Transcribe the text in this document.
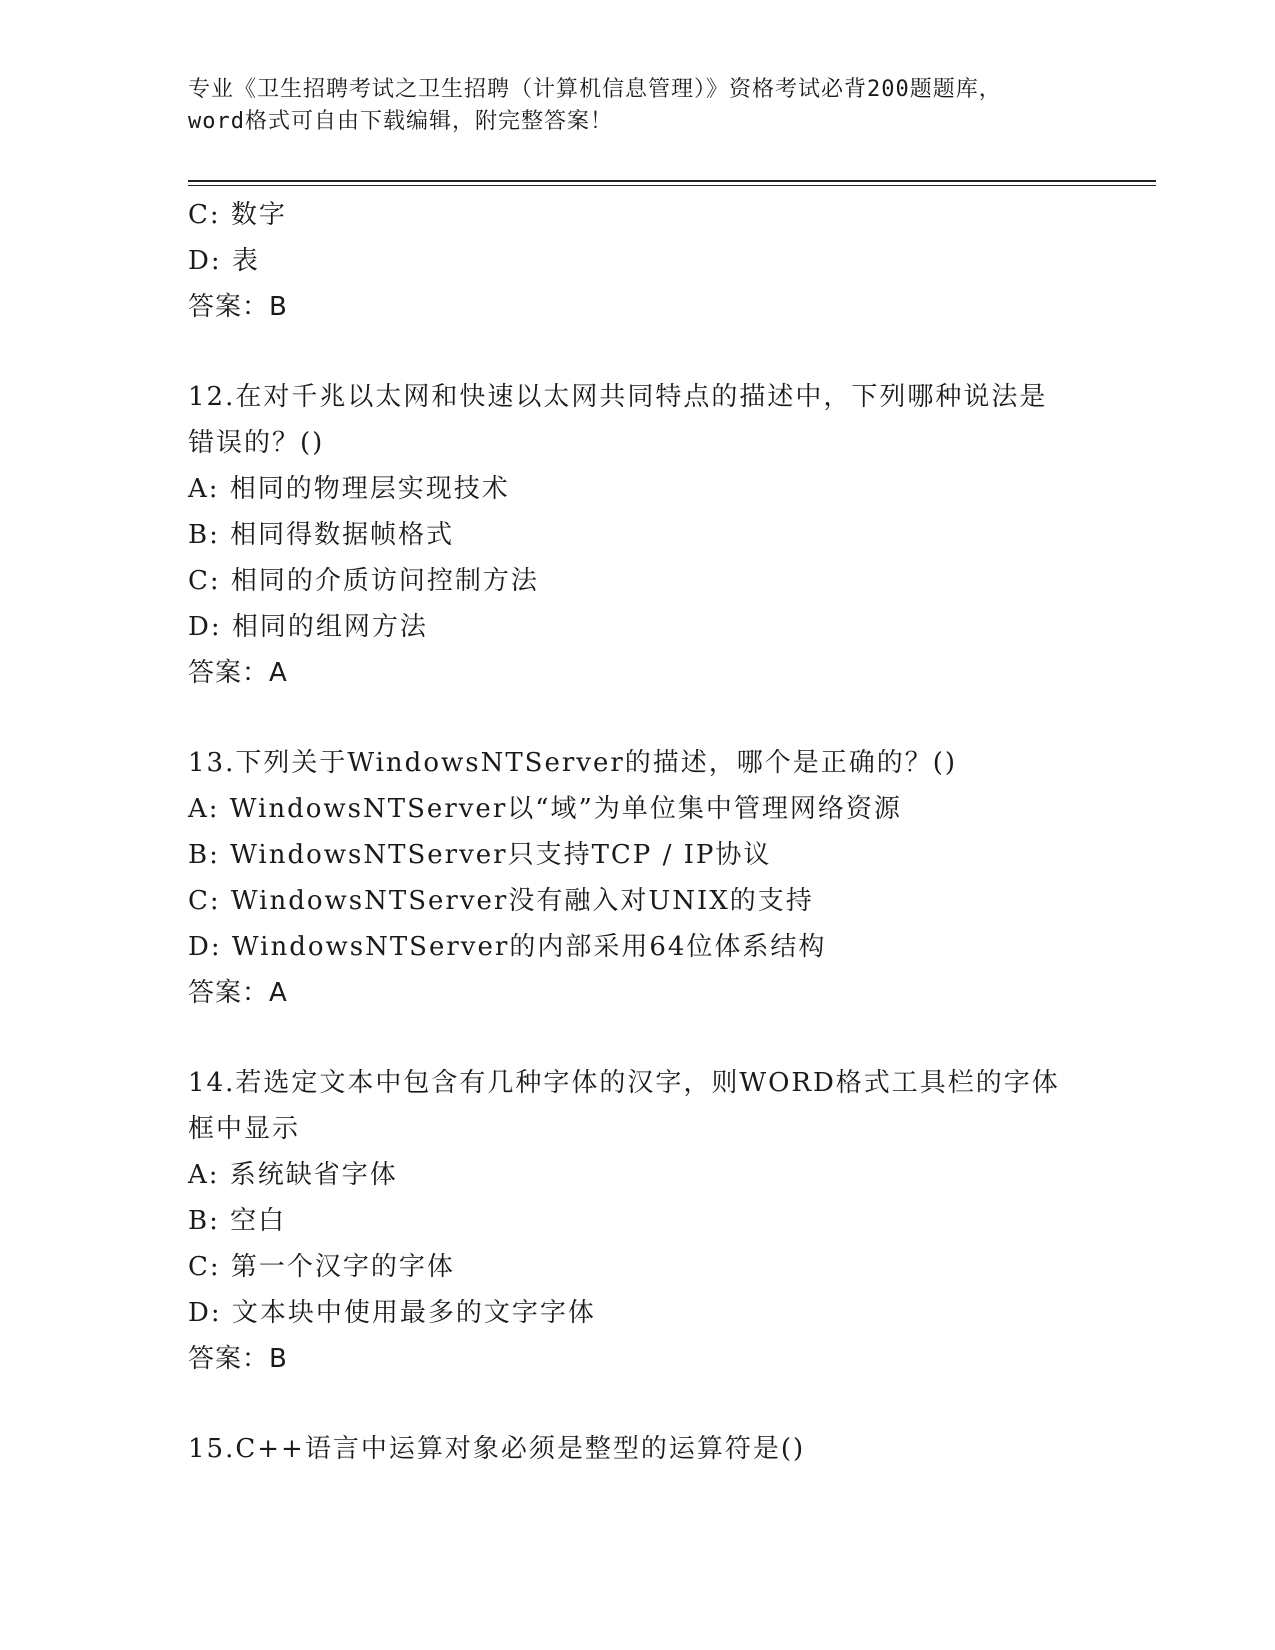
专业《卫生招聘考试之卫生招聘（计算机信息管理）》资格考试必背200题题库，
word格式可自由下载编辑，附完整答案！
C: 数字
D: 表
答案：B
12.在对千兆以太网和快速以太网共同特点的描述中，下列哪种说法是
错误的？()
A: 相同的物理层实现技术
B: 相同得数据帧格式
C: 相同的介质访问控制方法
D: 相同的组网方法
答案：A
13.下列关于WindowsNTServer的描述，哪个是正确的？()
A: WindowsNTServer以“域”为单位集中管理网络资源
B: WindowsNTServer只支持TCP / IP协议
C: WindowsNTServer没有融入对UNIX的支持
D: WindowsNTServer的内部采用64位体系结构
答案：A
14.若选定文本中包含有几种字体的汉字，则WORD格式工具栏的字体
框中显示
A: 系统缺省字体
B: 空白
C: 第一个汉字的字体
D: 文本块中使用最多的文字字体
答案：B
15.C++语言中运算对象必须是整型的运算符是()
